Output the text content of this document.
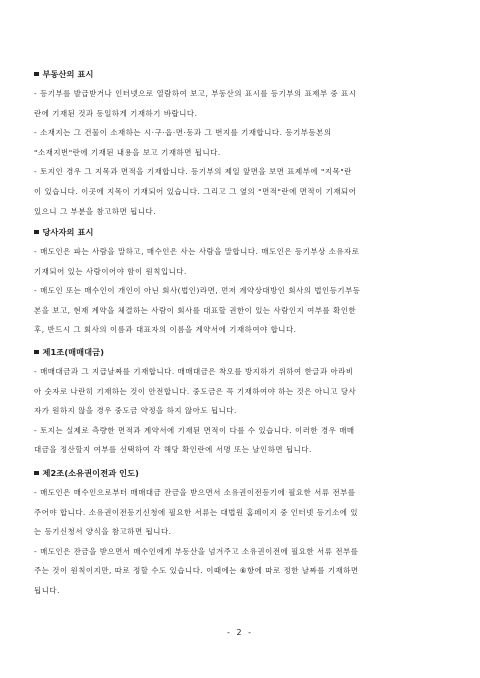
부동산의 표시
- 등기부를 발급받거나 인터넷으로 열람하여 보고, 부동산의 표시를 등기부의 표제부 중 표시
란에 기재된 것과 동일하게 기재하기 바랍니다.
- 소재지는 그 건물이 소재하는 시·구·읍·면·동과 그 번지를 기재합니다. 등기부등본의
"소재지번"란에 기재된 내용을 보고 기재하면 됩니다.
- 토지인 경우 그 지목과 면적을 기재합니다. 등기부의 제일 앞면을 보면 표제부에 "지목"란
이 있습니다. 이곳에 지목이 기재되어 있습니다. 그리고 그 옆의 "면적"란에 면적이 기재되어
있으니 그 부분을 참고하면 됩니다.
당사자의 표시
- 매도인은 파는 사람을 말하고, 매수인은 사는 사람을 말합니다. 매도인은 등기부상 소유자로
기재되어 있는 사람이어야 함이 원칙입니다.
- 매도인 또는 매수인이 개인이 아닌 회사(법인)라면, 먼저 계약상대방인 회사의 법인등기부등
본을 보고, 현재 계약을 체결하는 사람이 회사를 대표할 권한이 있는 사람인지 여부를 확인한
후, 반드시 그 회사의 이름과 대표자의 이름을 계약서에 기재하여야 합니다.
제1조(매매대금)
- 매매대금과 그 지급날짜를 기재합니다. 매매대금은 착오를 방지하기 위하여 한글과 아라비
아 숫자로 나란히 기재하는 것이 안전합니다. 중도금은 꼭 기재하여야 하는 것은 아니고 당사
자가 원하지 않을 경우 중도금 약정을 하지 않아도 됩니다.
- 토지는 실제로 측량한 면적과 계약서에 기재된 면적이 다를 수 있습니다. 이러한 경우 매매
대금을 정산할지 여부를 선택하여 각 해당 확인란에 서명 또는 날인하면 됩니다.
제2조(소유권이전과 인도)
- 매도인은 매수인으로부터 매매대금 잔금을 받으면서 소유권이전등기에 필요한 서류 전부를
주어야 합니다. 소유권이전등기신청에 필요한 서류는 대법원 홈페이지 중 인터넷 등기소에 있
는 등기신청서 양식을 참고하면 됩니다.
- 매도인은 잔금을 받으면서 매수인에게 부동산을 넘겨주고 소유권이전에 필요한 서류 전부를
주는 것이 원칙이지만, 따로 정할 수도 있습니다. 이때에는 ⑥항에 따로 정한 날짜를 기재하면
됩니다.
- 2 -
